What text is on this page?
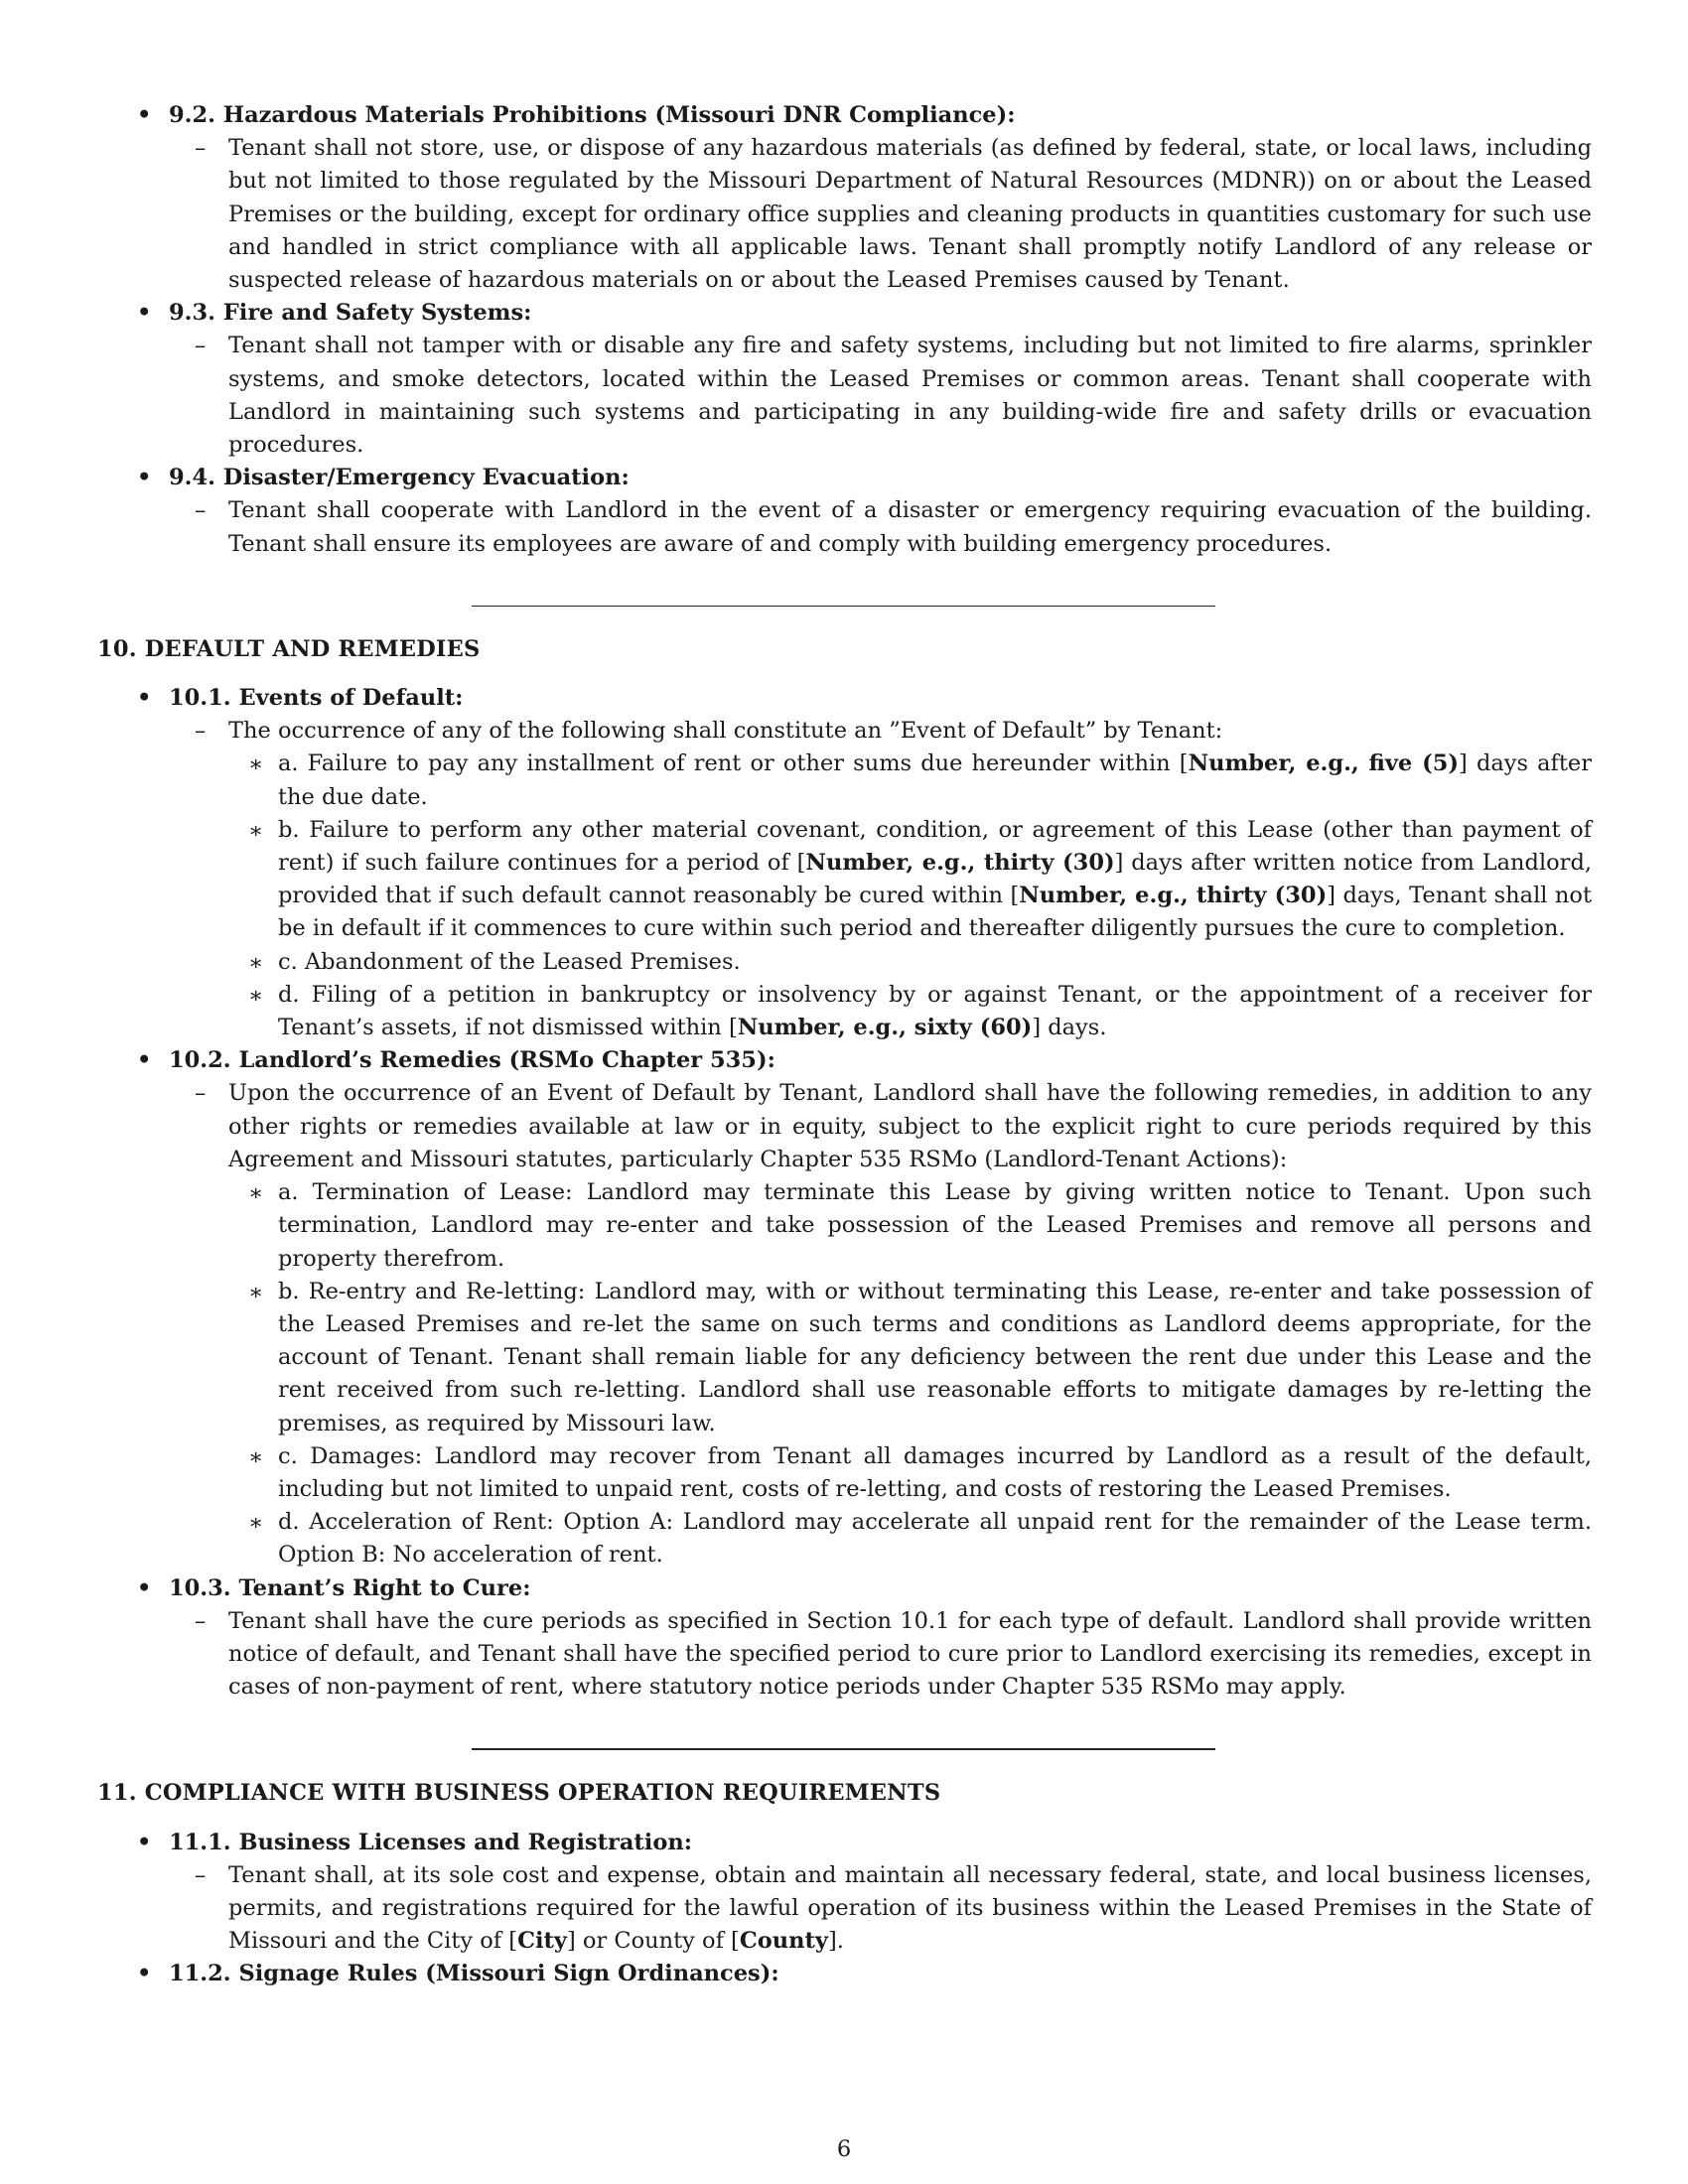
• 9.2. Hazardous Materials Prohibitions (Missouri DNR Compliance):

– Tenant shall not store, use, or dispose of any hazardous materials (as defined by federal, state, or local laws, including but not limited to those regulated by the Missouri Department of Natural Resources (MDNR)) on or about the Leased Premises or the building, except for ordinary office supplies and cleaning products in quantities customary for such use and handled in strict compliance with all applicable laws. Tenant shall promptly notify Landlord of any release or suspected release of hazardous materials on or about the Leased Premises caused by Tenant.
• 9.3. Fire and Safety Systems:

– Tenant shall not tamper with or disable any fire and safety systems, including but not limited to fire alarms, sprinkler systems, and smoke detectors, located within the Leased Premises or common areas. Tenant shall cooperate with Landlord in maintaining such systems and participating in any building-wide fire and safety drills or evacuation procedures.
• 9.4. Disaster/Emergency Evacuation:

– Tenant shall cooperate with Landlord in the event of a disaster or emergency requiring evacuation of the building. Tenant shall ensure its employees are aware of and comply with building emergency procedures.

10. DEFAULT AND REMEDIES

• 10.1. Events of Default:

– The occurrence of any of the following shall constitute an ”Event of Default” by Tenant:
∗ a. Failure to pay any installment of rent or other sums due hereunder within [Number, e.g., five (5)] days after the due date.
∗ b. Failure to perform any other material covenant, condition, or agreement of this Lease (other than payment of rent) if such failure continues for a period of [Number, e.g., thirty (30)] days after written notice from Landlord, provided that if such default cannot reasonably be cured within [Number, e.g., thirty (30)] days, Tenant shall not be in default if it commences to cure within such period and thereafter diligently pursues the cure to completion.
∗ c. Abandonment of the Leased Premises.
∗ d. Filing of a petition in bankruptcy or insolvency by or against Tenant, or the appointment of a receiver for Tenant’s assets, if not dismissed within [Number, e.g., sixty (60)] days.
• 10.2. Landlord’s Remedies (RSMo Chapter 535):

– Upon the occurrence of an Event of Default by Tenant, Landlord shall have the following remedies, in addition to any other rights or remedies available at law or in equity, subject to the explicit right to cure periods required by this Agreement and Missouri statutes, particularly Chapter 535 RSMo (Landlord-Tenant Actions):
∗ a. Termination of Lease: Landlord may terminate this Lease by giving written notice to Tenant. Upon such termination, Landlord may re-enter and take possession of the Leased Premises and remove all persons and property therefrom.
∗ b. Re-entry and Re-letting: Landlord may, with or without terminating this Lease, re-enter and take possession of the Leased Premises and re-let the same on such terms and conditions as Landlord deems appropriate, for the account of Tenant. Tenant shall remain liable for any deficiency between the rent due under this Lease and the rent received from such re-letting. Landlord shall use reasonable efforts to mitigate damages by re-letting the premises, as required by Missouri law.
∗ c. Damages: Landlord may recover from Tenant all damages incurred by Landlord as a result of the default, including but not limited to unpaid rent, costs of re-letting, and costs of restoring the Leased Premises.
∗ d. Acceleration of Rent: Option A: Landlord may accelerate all unpaid rent for the remainder of the Lease term. Option B: No acceleration of rent.
• 10.3. Tenant’s Right to Cure:

– Tenant shall have the cure periods as specified in Section 10.1 for each type of default. Landlord shall provide written notice of default, and Tenant shall have the specified period to cure prior to Landlord exercising its remedies, except in cases of non-payment of rent, where statutory notice periods under Chapter 535 RSMo may apply.

11. COMPLIANCE WITH BUSINESS OPERATION REQUIREMENTS

• 11.1. Business Licenses and Registration:

– Tenant shall, at its sole cost and expense, obtain and maintain all necessary federal, state, and local business licenses, permits, and registrations required for the lawful operation of its business within the Leased Premises in the State of Missouri and the City of [City] or County of [County].
• 11.2. Signage Rules (Missouri Sign Ordinances):

6
